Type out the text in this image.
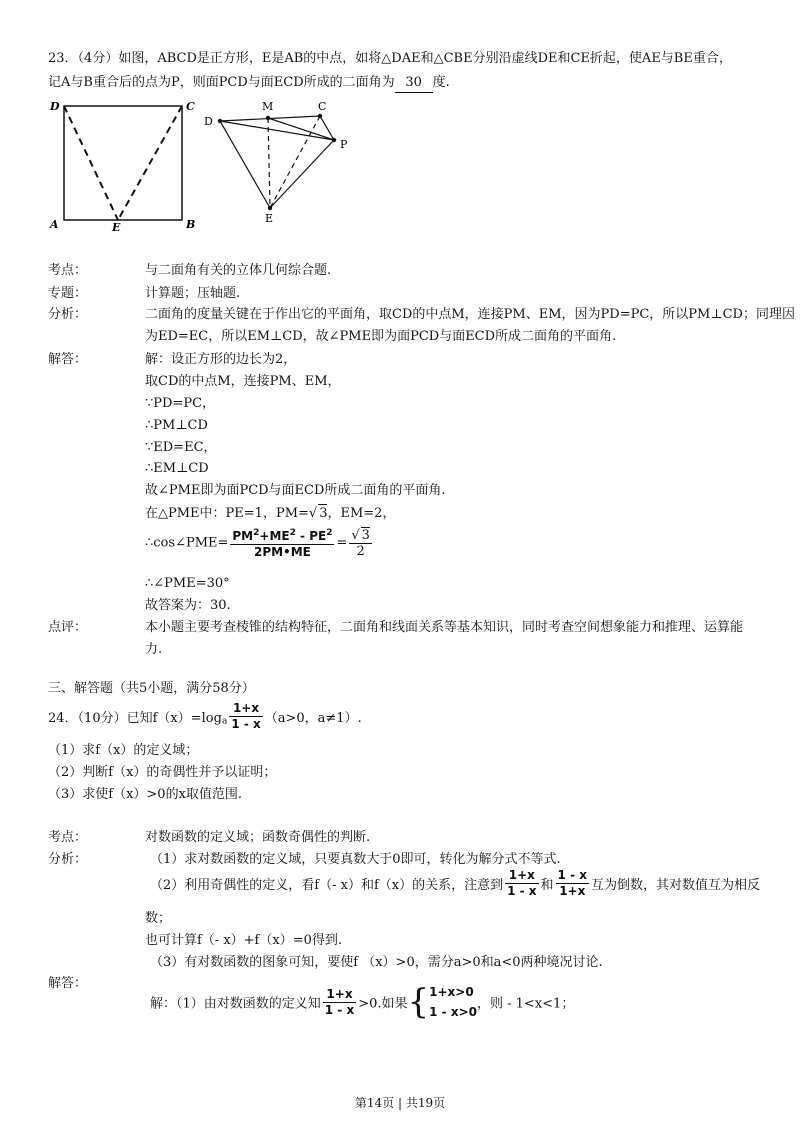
23．（4分）如图，ABCD是正方形，E是AB的中点，如将△DAE和△CBE分别沿虚线DE和CE折起，使AE与BE重合，
记A与B重合后的点为P，则面PCD与面ECD所成的二面角为 30 度.
D	C
A	E	B
D
M	C
P
E
考点：	与二面角有关的立体几何综合题.
专题：	计算题；压轴题.
分析：	二面角的度量关键在于作出它的平面角，取CD的中点M，连接PM、EM，因为PD=PC，所以PM⊥CD；同理因
为ED=EC，所以EM⊥CD，故∠PME即为面PCD与面ECD所成二面角的平面角.
解答：	解：设正方形的边长为2，
取CD的中点M，连接PM、EM，
∵PD=PC，
∴PM⊥CD
∵ED=EC，
∴EM⊥CD
故∠PME即为面PCD与面ECD所成二面角的平面角.
在△PME中：PE=1，PM=√ 3，EM=2，
∴cos∠PME= $\frac{PM^2+ME^2 - PE^2}{2PM•ME} = \frac{√ 3}{2}$
∴∠PME=30°
故答案为：30.
点评：	本小题主要考查棱锥的结构特征，二面角和线面关系等基本知识，同时考查空间想象能力和推理、运算能
力.
三、解答题（共5小题，满分58分）
24．（10分）已知$f(x)=\log_a \frac{1+x}{1 - x} (a>0$，a≠1）.
（1）求f（x）的定义域；
（2）判断f（x）的奇偶性并予以证明；
（3）求使f（x）>0的x取值范围.
考点：	对数函数的定义域；函数奇偶性的判断.
分析：	（1）求对数函数的定义域，只要真数大于0即可，转化为解分式不等式.
（2）利用奇偶性的定义，看f（- x）和f（x）的关系，注意到 $\frac{1+x}{1 - x}$ 和 $\frac{1 - x}{1+x}$ 互为倒数，其对数值互为相反
数；
也可计算f（- x）+f（x）=0得到.
（3）有对数函数的图象可知，要使f （x）>0，需分a>0和a<0两种境况讨论.
解答：
解：（1）由对数函数的定义知 $\frac{1+x}{1 - x} >0$.如果{ 1+x>0
1 - x>0
，则 - 1<x<1；
第14页 | 共19页
